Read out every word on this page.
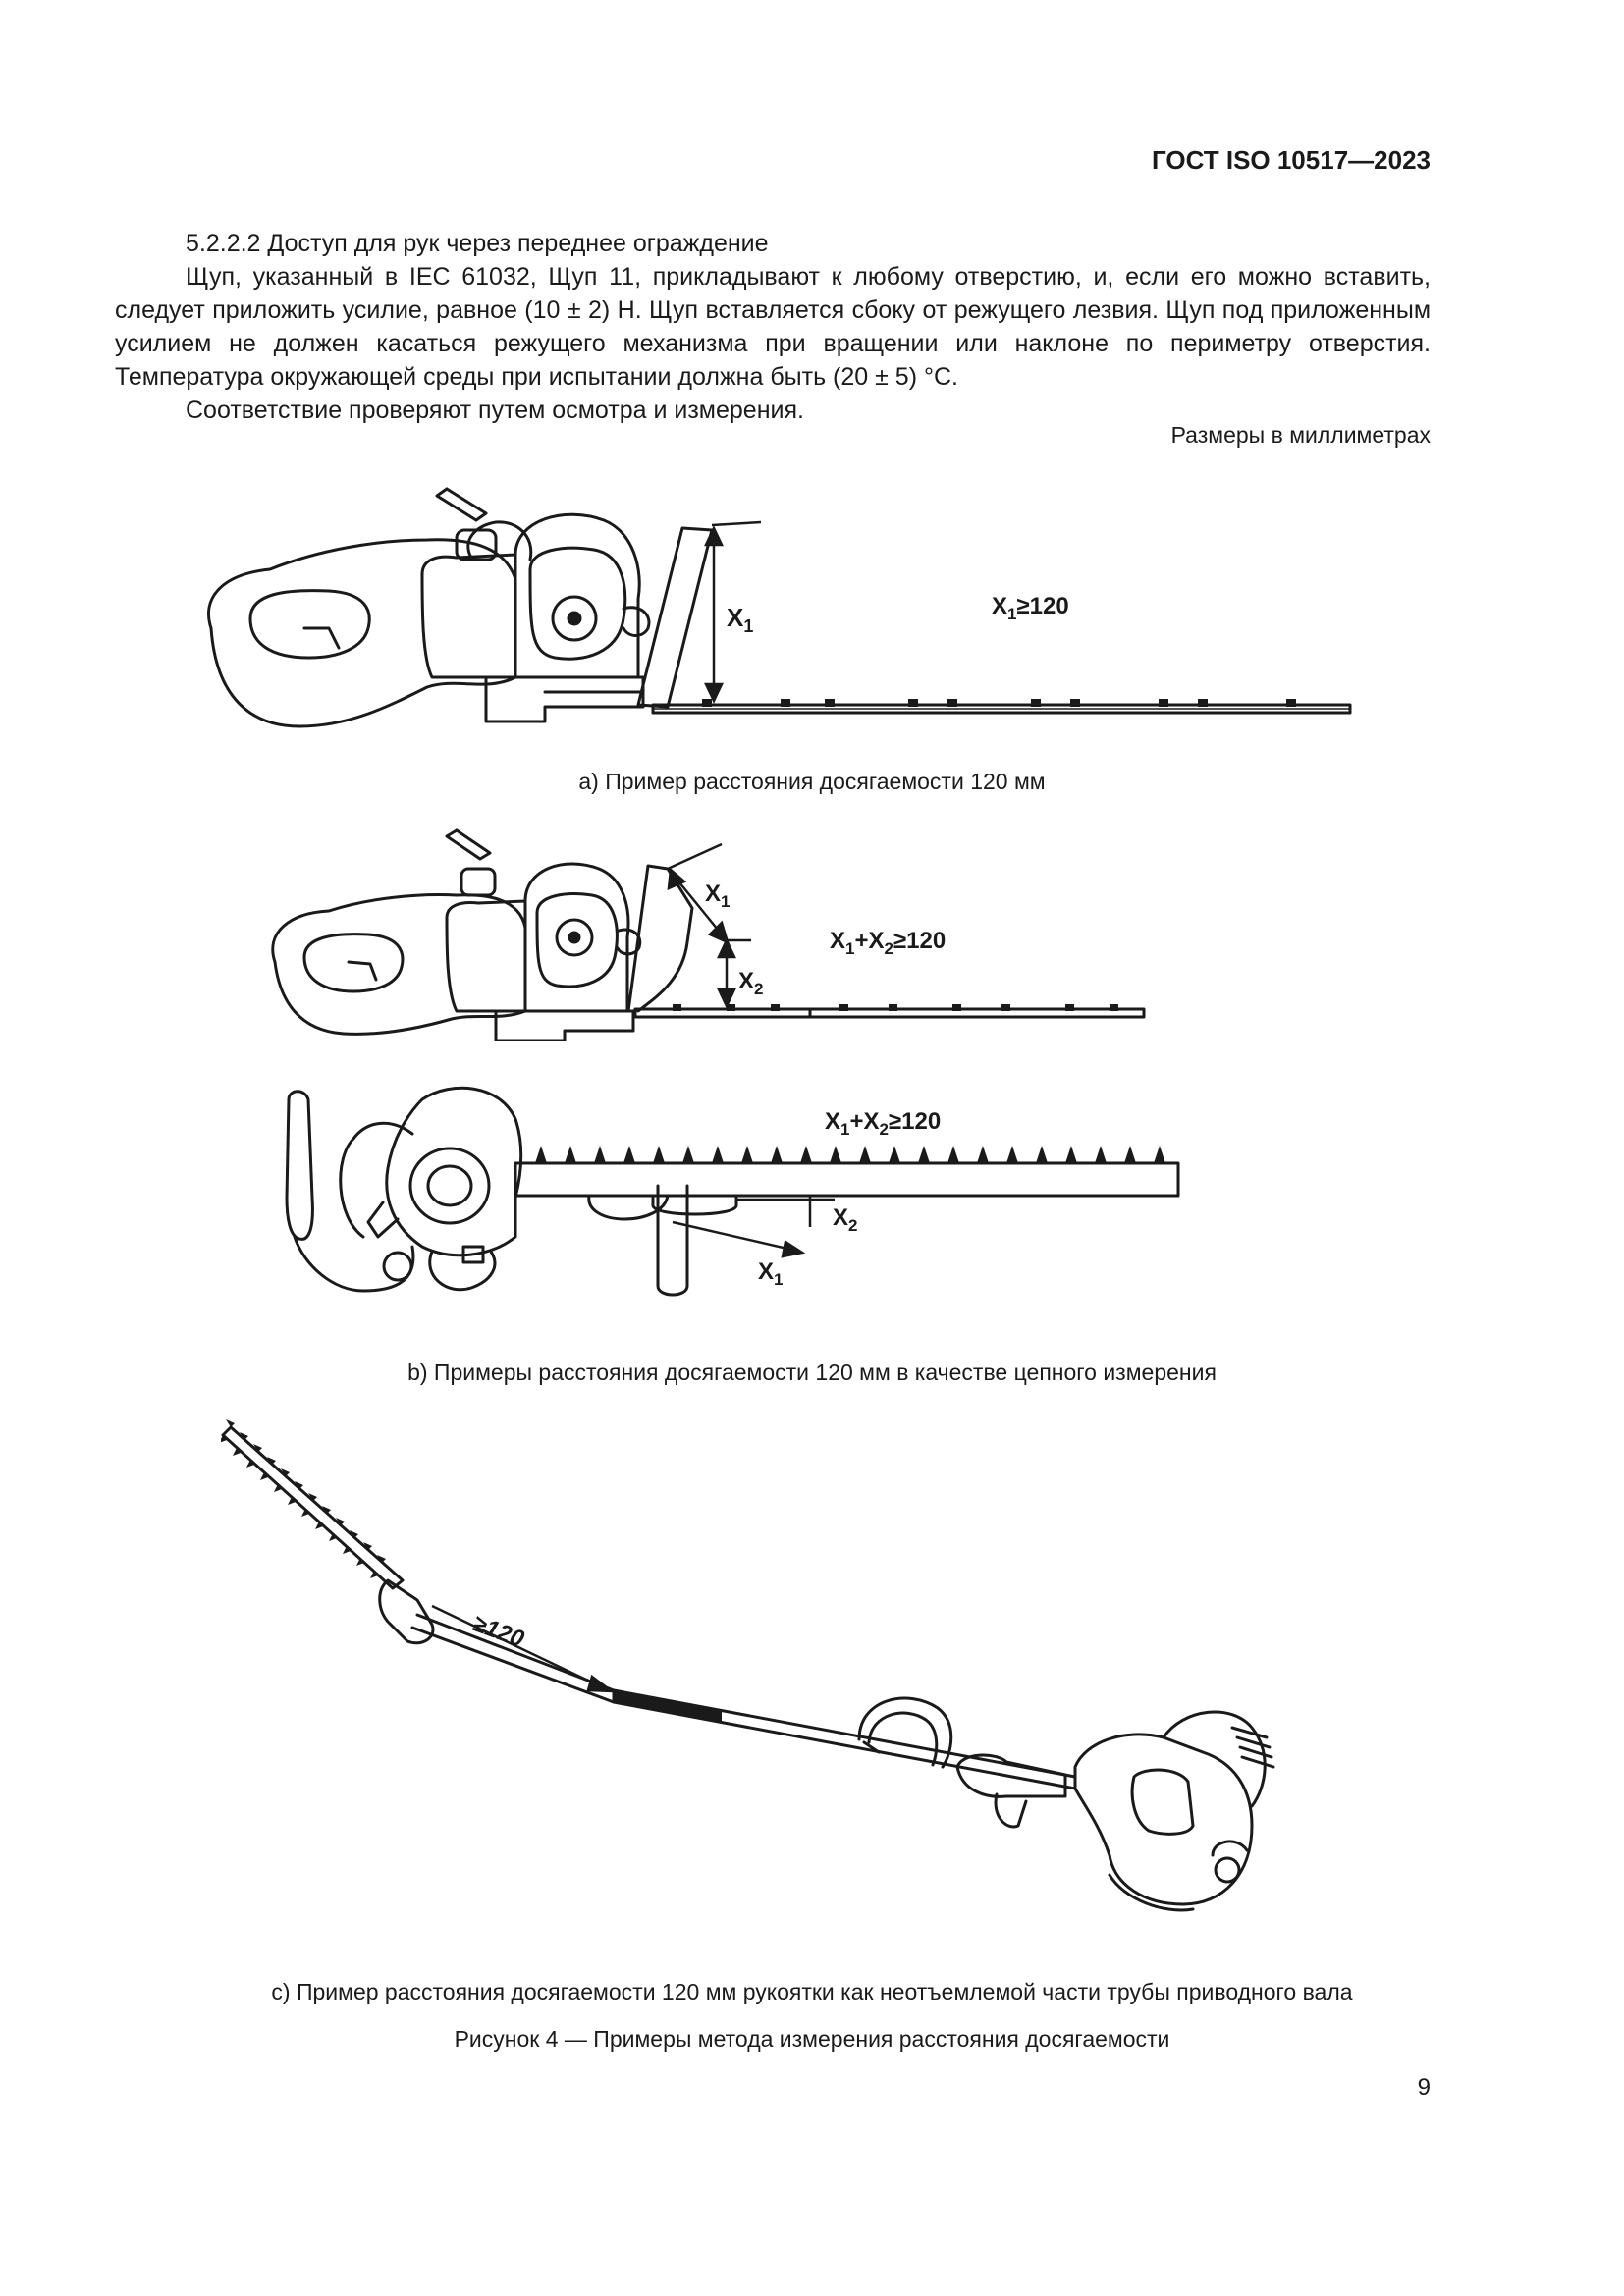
ГОСТ ISO 10517—2023

5.2.2.2 Доступ для рук через переднее ограждение

Щуп, указанный в IEC 61032, Щуп 11, прикладывают к любому отверстию, и, если его можно вставить, следует приложить усилие, равное (10 ± 2) Н. Щуп вставляется сбоку от режущего лезвия. Щуп под приложенным усилием не должен касаться режущего механизма при вращении или наклоне по периметру отверстия. Температура окружающей среды при испытании должна быть (20 ± 5) °С.

Соответствие проверяют путем осмотра и измерения.

Размеры в миллиметрах
$X_1$
$X_1\ge 120$
а) Пример расстояния досягаемости 120 мм
$X_1$
$X_2$
$X_1+X_2\ge 120$
$X_1+X_2\ge 120$
$X_2$
$X_1$
b) Примеры расстояния досягаемости 120 мм в качестве цепного измерения
≥120
с) Пример расстояния досягаемости 120 мм рукоятки как неотъемлемой части трубы приводного вала
Рисунок 4 — Примеры метода измерения расстояния досягаемости
9
